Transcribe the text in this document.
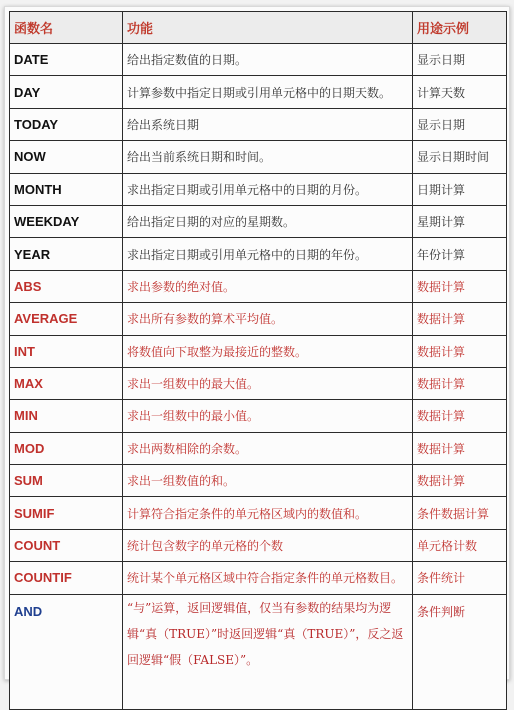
函数名	功能	用途示例
DATE	给出指定数值的日期。	显示日期
DAY	计算参数中指定日期或引用单元格中的日期天数。	计算天数
TODAY	给出系统日期	显示日期
NOW	给出当前系统日期和时间。	显示日期时间
MONTH	求出指定日期或引用单元格中的日期的月份。	日期计算
WEEKDAY	给出指定日期的对应的星期数。	星期计算
YEAR	求出指定日期或引用单元格中的日期的年份。	年份计算
ABS	求出参数的绝对值。	数据计算
AVERAGE	求出所有参数的算术平均值。	数据计算
INT	将数值向下取整为最接近的整数。	数据计算
MAX	求出一组数中的最大值。	数据计算
MIN	求出一组数中的最小值。	数据计算
MOD	求出两数相除的余数。	数据计算
SUM	求出一组数值的和。	数据计算
SUMIF	计算符合指定条件的单元格区域内的数值和。	条件数据计算
COUNT	统计包含数字的单元格的个数	单元格计数
COUNTIF	统计某个单元格区域中符合指定条件的单元格数目。	条件统计
AND	“与”运算，返回逻辑值，仅当有参数的结果均为逻辑“真（TRUE）”时返回逻辑“真（TRUE）”，反之返回逻辑“假（FALSE）”。	条件判断
